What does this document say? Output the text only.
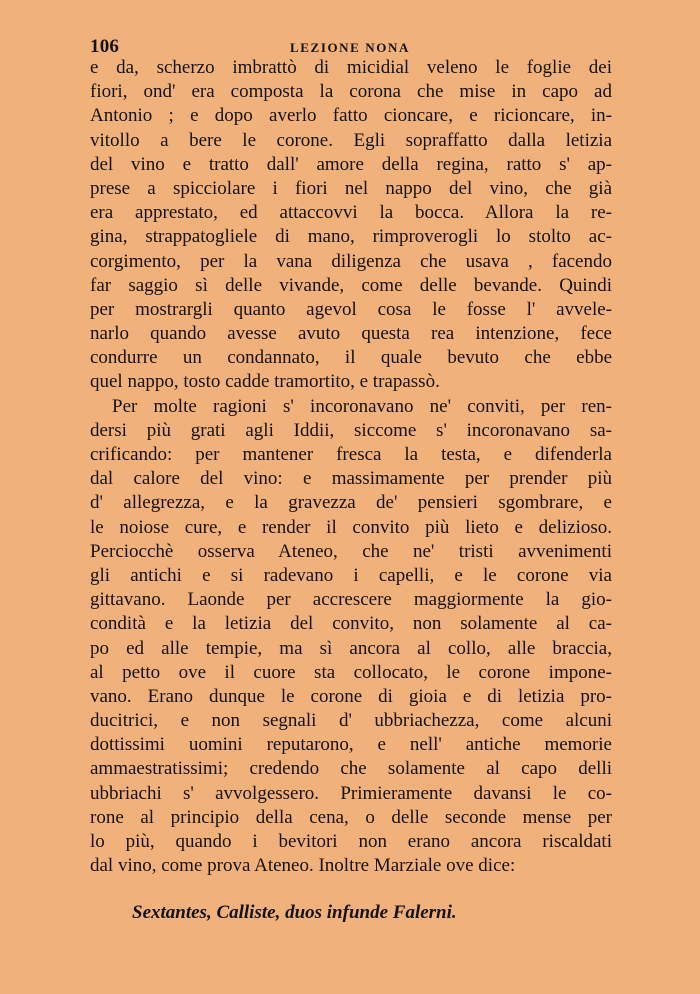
106	LEZIONE NONA

e da, scherzo imbrattò di micidial veleno le foglie dei
fiori, ond' era composta la corona che mise in capo ad
Antonio ; e dopo averlo fatto cioncare, e ricioncare, in-
vitollo a bere le corone. Egli sopraffatto dalla letizia
del vino e tratto dall' amore della regina, ratto s' ap-
prese a spicciolare i fiori nel nappo del vino, che già
era apprestato, ed attaccovvi la bocca. Allora la re-
gina, strappatogliele di mano, rimproverogli lo stolto ac-
corgimento, per la vana diligenza che usava , facendo
far saggio sì delle vivande, come delle bevande. Quindi
per mostrargli quanto agevol cosa le fosse l' avvele-
narlo quando avesse avuto questa rea intenzione, fece
condurre un condannato, il quale bevuto che ebbe
quel nappo, tosto cadde tramortito, e trapassò.

Per molte ragioni s' incoronavano ne' conviti, per ren-
dersi più grati agli Iddii, siccome s' incoronavano sa-
crificando: per mantener fresca la testa, e difenderla
dal calore del vino: e massimamente per prender più
d' allegrezza, e la gravezza de' pensieri sgombrare, e
le noiose cure, e render il convito più lieto e delizioso.
Perciocchè osserva Ateneo, che ne' tristi avvenimenti
gli antichi e si radevano i capelli, e le corone via
gittavano. Laonde per accrescere maggiormente la gio-
condità e la letizia del convito, non solamente al ca-
po ed alle tempie, ma sì ancora al collo, alle braccia,
al petto ove il cuore sta collocato, le corone impone-
vano. Erano dunque le corone di gioia e di letizia pro-
ducitrici, e non segnali d' ubbriachezza, come alcuni
dottissimi uomini reputarono, e nell' antiche memorie
ammaestratissimi; credendo che solamente al capo delli
ubbriachi s' avvolgessero. Primieramente davansi le co-
rone al principio della cena, o delle seconde mense per
lo più, quando i bevitori non erano ancora riscaldati
dal vino, come prova Ateneo. Inoltre Marziale ove dice:

Sextantes, Calliste, duos infunde Falerni.
